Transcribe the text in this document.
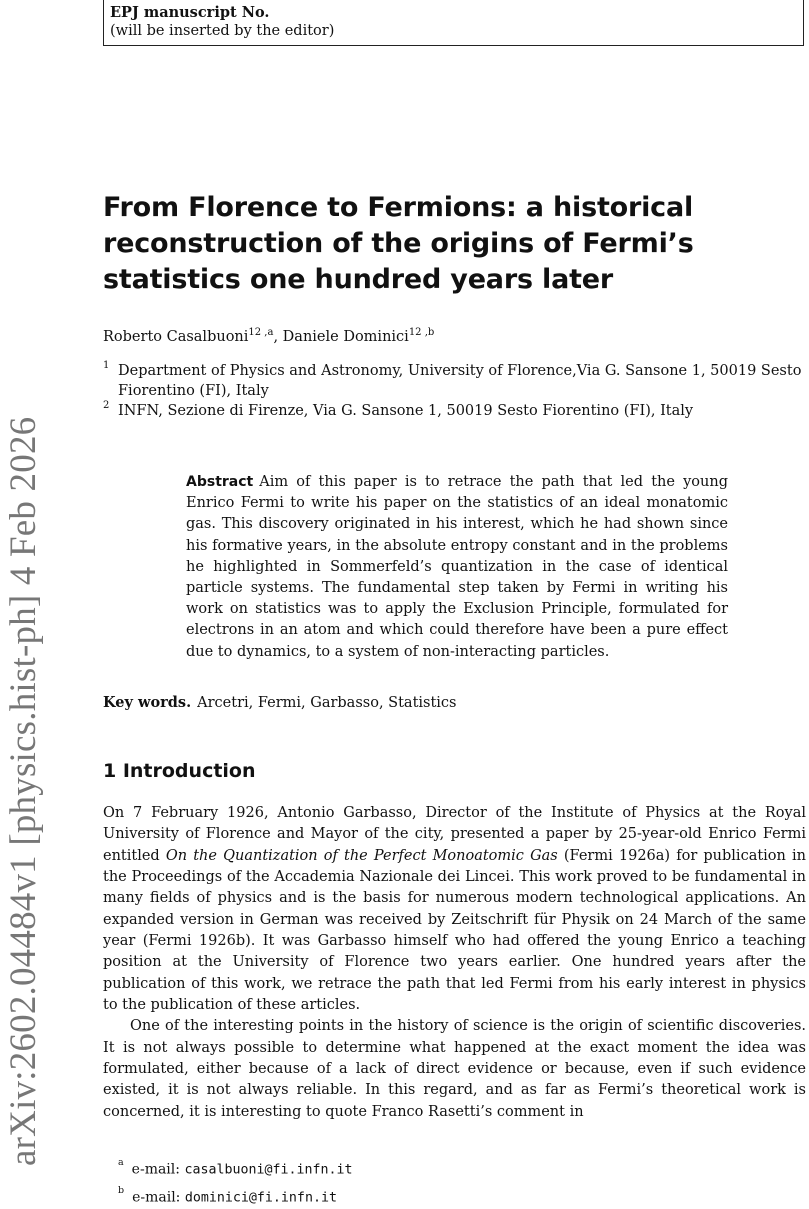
arXiv:2602.04484v1 [physics.hist-ph] 4 Feb 2026
EPJ manuscript No.
(will be inserted by the editor)
From Florence to Fermions: a historical reconstruction of the origins of Fermi’s statistics one hundred years later
Roberto Casalbuoni$^{12 ,a}$, Daniele Dominici$^{12 ,b}$
1 Department of Physics and Astronomy, University of Florence,Via G. Sansone 1, 50019 Sesto Fiorentino (FI), Italy
2 INFN, Sezione di Firenze, Via G. Sansone 1, 50019 Sesto Fiorentino (FI), Italy

Abstract Aim of this paper is to retrace the path that led the young Enrico Fermi to write his paper on the statistics of an ideal monatomic gas. This discovery originated in his interest, which he had shown since his formative years, in the absolute entropy constant and in the problems he highlighted in Sommerfeld’s quantization in the case of identical particle systems. The fundamental step taken by Fermi in writing his work on statistics was to apply the Exclusion Principle, formulated for electrons in an atom and which could therefore have been a pure effect due to dynamics, to a system of non-interacting particles.

Key words. Arcetri, Fermi, Garbasso, Statistics
1 Introduction

On 7 February 1926, Antonio Garbasso, Director of the Institute of Physics at the Royal University of Florence and Mayor of the city, presented a paper by 25-year-old Enrico Fermi entitled On the Quantization of the Perfect Monoatomic Gas (Fermi 1926a) for publication in the Proceedings of the Accademia Nazionale dei Lincei. This work proved to be fundamental in many fields of physics and is the basis for numerous modern technological applications. An expanded version in German was received by Zeitschrift für Physik on 24 March of the same year (Fermi 1926b). It was Garbasso himself who had offered the young Enrico a teaching position at the University of Florence two years earlier. One hundred years after the publication of this work, we retrace the path that led Fermi from his early interest in physics to the publication of these articles.

One of the interesting points in the history of science is the origin of scientific discoveries. It is not always possible to determine what happened at the exact moment the idea was formulated, either because of a lack of direct evidence or because, even if such evidence existed, it is not always reliable. In this regard, and as far as Fermi’s theoretical work is concerned, it is interesting to quote Franco Rasetti’s comment in

$^a$ e-mail: casalbuoni@fi.infn.it
$^b$ e-mail: dominici@fi.infn.it
